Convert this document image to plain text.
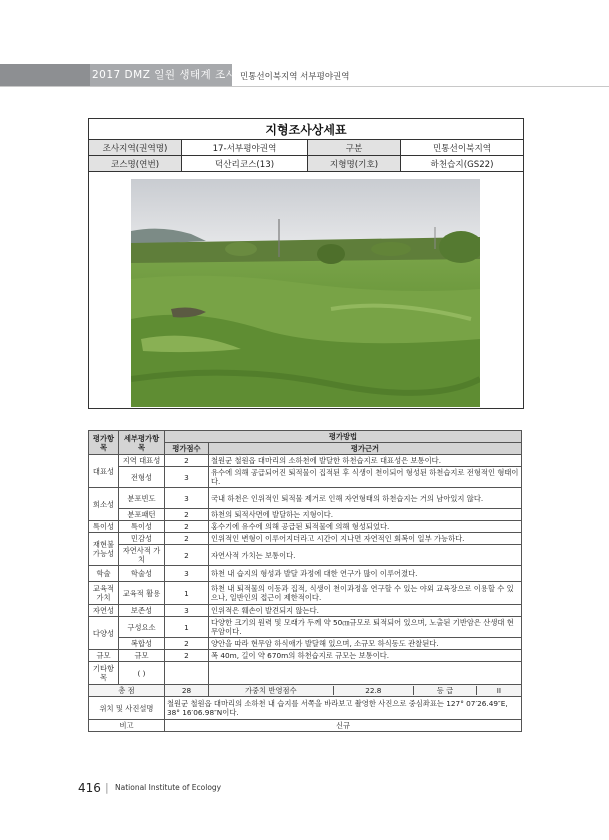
2017 DMZ 일원 생태계 조사 민통선이북지역 서부평야권역
지형조사상세표
조사지역(권역명)	17-서부평야권역	구분	민통선이북지역
코스명(연번)	덕산리코스(13)	지형명(기호)	하천습지(GS22)
평가항목	세부평가항목	평가방법	
		평가점수	평가근거
대표성	지역 대표성	2	철원군 철원읍 대마리의 소하천에 발달한 하천습지로 대표성은 보통이다.
	전형성	3	유수에 의해 공급되어진 퇴적물이 집적된 후 식생이 천이되어 형성된 하천습지로 전형적인 형태이다.
희소성	분포빈도	3	국내 하천은 인위적인 퇴적물 제거로 인해 자연형태의 하천습지는 거의 남아있지 않다.
	분포패턴	2	하천의 퇴적사면에 발달하는 지형이다.
특이성	특이성	2	홍수기에 유수에 의해 공급된 퇴적물에 의해 형성되었다.
재현불가능성	민감성	2	인위적인 변형이 이루어지더라고 시간이 지나면 자연적인 회복이 일부 가능하다.
	자연사적 가치	2	자연사적 가치는 보통이다.
학술	학술성	3	하천 내 습지의 형성과 발달 과정에 대한 연구가 많이 이루어졌다.
교육적가치	교육적 활용	1	하천 내 퇴적물의 이동과 집적, 식생이 천이과정을 연구할 수 있는 야외 교육장으로 이용할 수 있으나, 일반인의 접근이 제한적이다.
자연성	보존성	3	인위적은 훼손이 발견되지 않는다.
다양성	구성요소	1	다양한 크기의 원력 및 모래가 두께 약 50㎝규모로 퇴적되어 있으며, 노출된 기반암은 산생대 현무암이다.
	복합성	2	양안을 따라 현무암 하식애가 발달해 있으며, 소규모 하식동도 관찰된다.
규모	규모	2	폭 40m, 길이 약 670m의 하천습지로 규모는 보통이다.
기타항목	( )		
총 점		28	가중치 반영점수 22.8 등 급 II

위치 및 사진설명		철원군 철원읍 대마리의 소하천 내 습지를 서쪽을 바라보고 촬영한 사진으로 중심좌표는 127° 07′26.49″E, 38° 16′06.98″N이다.	
비고		신규	
416 | National Institute of Ecology
